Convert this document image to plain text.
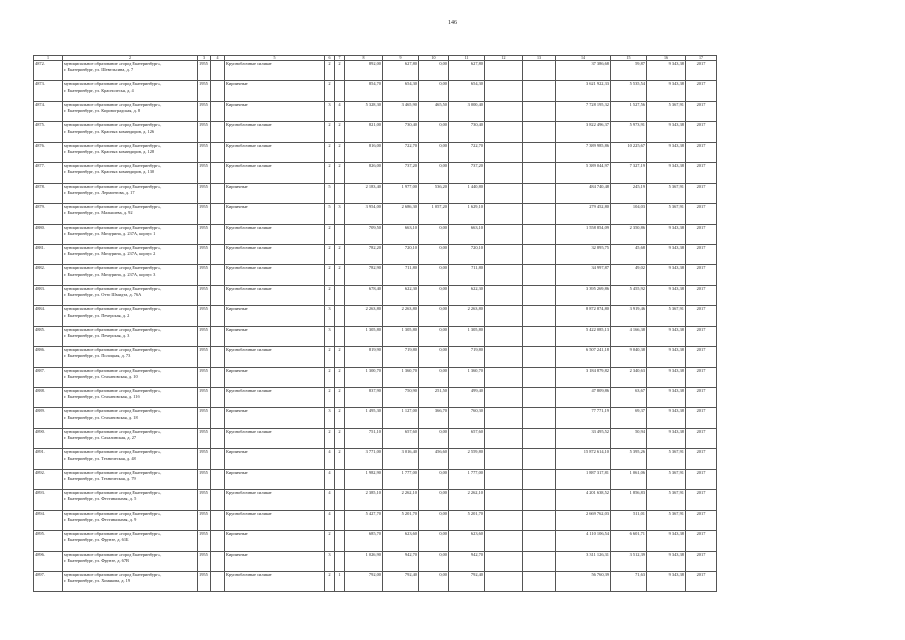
146
1	2	3	4	5	6	7	8	9	10	11	12	13	14	15	16	17
4872.	муниципальное образование «город Екатеринбург»,
г. Екатеринбург, ул. Шевельсина, д. 7	1955		Крупноблочные силикат	2	2	892,00	627,80	0,00	627,80			37 386,68	59,87	9 343,38	2017
4873.	муниципальное образование «город Екатеринбург»,
г. Екатеринбург, ул. Краснолесья, д. 4	1955		Кирпичные	2		854,70	654,30	0,00	654,30			3 621 922,33	5 535,54	9 343,38	2017
4874.	муниципальное образование «город Екатеринбург»,
г. Екатеринбург, ул. Кировоградская, д. 8	1955		Кирпичные	3	4	5 328,30	3 465,90	465,50	3 000,40			7 728 195,32	1 527,56	5 367,91	2017
4875.	муниципальное образование «город Екатеринбург»,
г. Екатеринбург, ул. Красных командиров, д. 126	1955		Крупноблочные силикат	2	2	821,00	730,40	0,00	730,40			3 822 496,37	5 973,91	9 343,38	2017
4876.	муниципальное образование «город Екатеринбург»,
г. Екатеринбург, ул. Красных командиров, д. 128	1955		Крупноблочные силикат	2	2	816,00	722,70	0,00	722,70			7 389 985,86	10 225,67	9 343,38	2017
4877.	муниципальное образование «город Екатеринбург»,
г. Екатеринбург, ул. Красных командиров, д. 130	1955		Крупноблочные силикат	2	2	826,00	737,20	0,00	737,20			5 389 044,97	7 327,19	9 343,38	2017
4878.	муниципальное образование «город Екатеринбург»,
г. Екатеринбург, ул. Лермонтова, д. 17	1955		Кирпичные	5		2 183,40	1 977,00	536,20	1 440,80			484 740,48	245,19	5 367,91	2017
4879.	муниципальное образование «город Екатеринбург»,
г. Екатеринбург, ул. Малышева, д. 92	1955		Кирпичные	5	3	3 954,00	2 686,30	1 057,20	1 629,10			279 452,80	104,03	5 367,91	2017
4880.	муниципальное образование «город Екатеринбург»,
г. Екатеринбург, ул. Мичурина, д. 237А, корпус 1	1955		Крупноблочные силикат	2		709,50	663,10	0,00	663,10			1 558 854,09	2 350,86	9 343,38	2017
4881.	муниципальное образование «город Екатеринбург»,
г. Екатеринбург, ул. Мичурина, д. 237А, корпус 2	1955		Крупноблочные силикат	2	2	782,20	720,10	0,00	720,10			32 895,75	45,68	9 343,38	2017
4882.	муниципальное образование «город Екатеринбург»,
г. Екатеринбург, ул. Мичурина, д. 237А, корпус 3	1955		Крупноблочные силикат	2	2	782,90	711,80	0,00	711,80			34 997,87	49,02	9 343,38	2017
4883.	муниципальное образование «город Екатеринбург»,
г. Екатеринбург, ул. Отто Шмидта, д. 76А	1955		Крупноблочные силикат	2		678,40	622,30	0,00	622,30			3 395 269,86	5 455,92	9 343,38	2017
4884.	муниципальное образование «город Екатеринбург»,
г. Екатеринбург, ул. Печерская, д. 2	1955		Кирпичные	3		2 263,80	2 263,80	0,00	2 263,80			8 872 874,80	3 919,46	5 367,91	2017
4885.	муниципальное образование «город Екатеринбург»,
г. Екатеринбург, ул. Печерская, д. 3	1955		Кирпичные	3		1 305,80	1 305,80	0,00	1 305,80			5 422 085,13	4 166,38	9 343,38	2017
4886.	муниципальное образование «город Екатеринбург»,
г. Екатеринбург, ул. Полоцкая, д. 73	1955		Крупноблочные силикат	2	2	819,90	719,80	0,00	719,80			6 507 241,18	9 040,38	9 343,38	2017
4887.	муниципальное образование «город Екатеринбург»,
г. Екатеринбург, ул. Стахановская, д. 10	1955		Кирпичные	2	2	1 300,70	1 360,70	0,00	1 360,70			3 184 879,82	2 340,63	9 343,38	2017
4888.	муниципальное образование «город Екатеринбург»,
г. Екатеринбург, ул. Стахановская, д. 11б	1955		Крупноблочные силикат	2	2	837,90	750,90	251,50	499,40			47 809,86	63,67	9 343,38	2017
4889.	муниципальное образование «город Екатеринбург»,
г. Екатеринбург, ул. Стахановская, д. 18	1955		Кирпичные	3	2	1 495,30	1 127,00	366,70	760,30			77 771,19	69,37	9 343,38	2017
4890.	муниципальное образование «город Екатеринбург»,
г. Екатеринбург, ул. Сахалинская, д. 27	1955		Крупноблочные силикат	2	2	751,10	657,60	0,00	657,60			33 495,52	50,94	9 343,38	2017
4891.	муниципальное образование «город Екатеринбург»,
г. Екатеринбург, ул. Техническая, д. 48	1955		Кирпичные	4	2	3 771,00	3 016,40	456,60	2 559,80			15 872 614,10	5 395,26	5 367,91	2017
4892.	муниципальное образование «город Екатеринбург»,
г. Екатеринбург, ул. Техническая, д. 79	1955		Кирпичные	4		1 982,90	1 777,00	0,00	1 777,00			1 887 317,81	1 061,06	5 367,91	2017
4893.	муниципальное образование «город Екатеринбург»,
г. Екатеринбург, ул. Фестивальная, д. 5	1955		Крупноблочные силикат	4		2 385,10	2 262,10	0,00	2 262,10			4 201 638,52	1 856,83	5 367,91	2017
4894.	муниципальное образование «город Екатеринбург»,
г. Екатеринбург, ул. Фестивальная, д. 9	1955		Крупноблочные силикат	4		5 427,70	5 201,70	0,00	5 201,70			2 669 762,03	511,01	5 367,91	2017
4895.	муниципальное образование «город Екатеринбург»,
г. Екатеринбург, ул. Фрунзе, д. 61Б	1955		Кирпичные	2		685,70	623,60	0,00	623,60			4 110 106,54	6 601,71	9 343,38	2017
4896.	муниципальное образование «город Екатеринбург»,
г. Екатеринбург, ул. Фрунзе, д. 67В	1955		Кирпичные	3		1 026,90	942,70	0,00	942,70			3 311 126,31	3 512,39	9 343,38	2017
4897.	муниципальное образование «город Екатеринбург»,
г. Екатеринбург, ул. Хомякова, д. 19	1955		Крупноблочные силикат	2	1	792,00	792,40	0,00	792,40			56 760,39	71,63	9 343,38	2017
